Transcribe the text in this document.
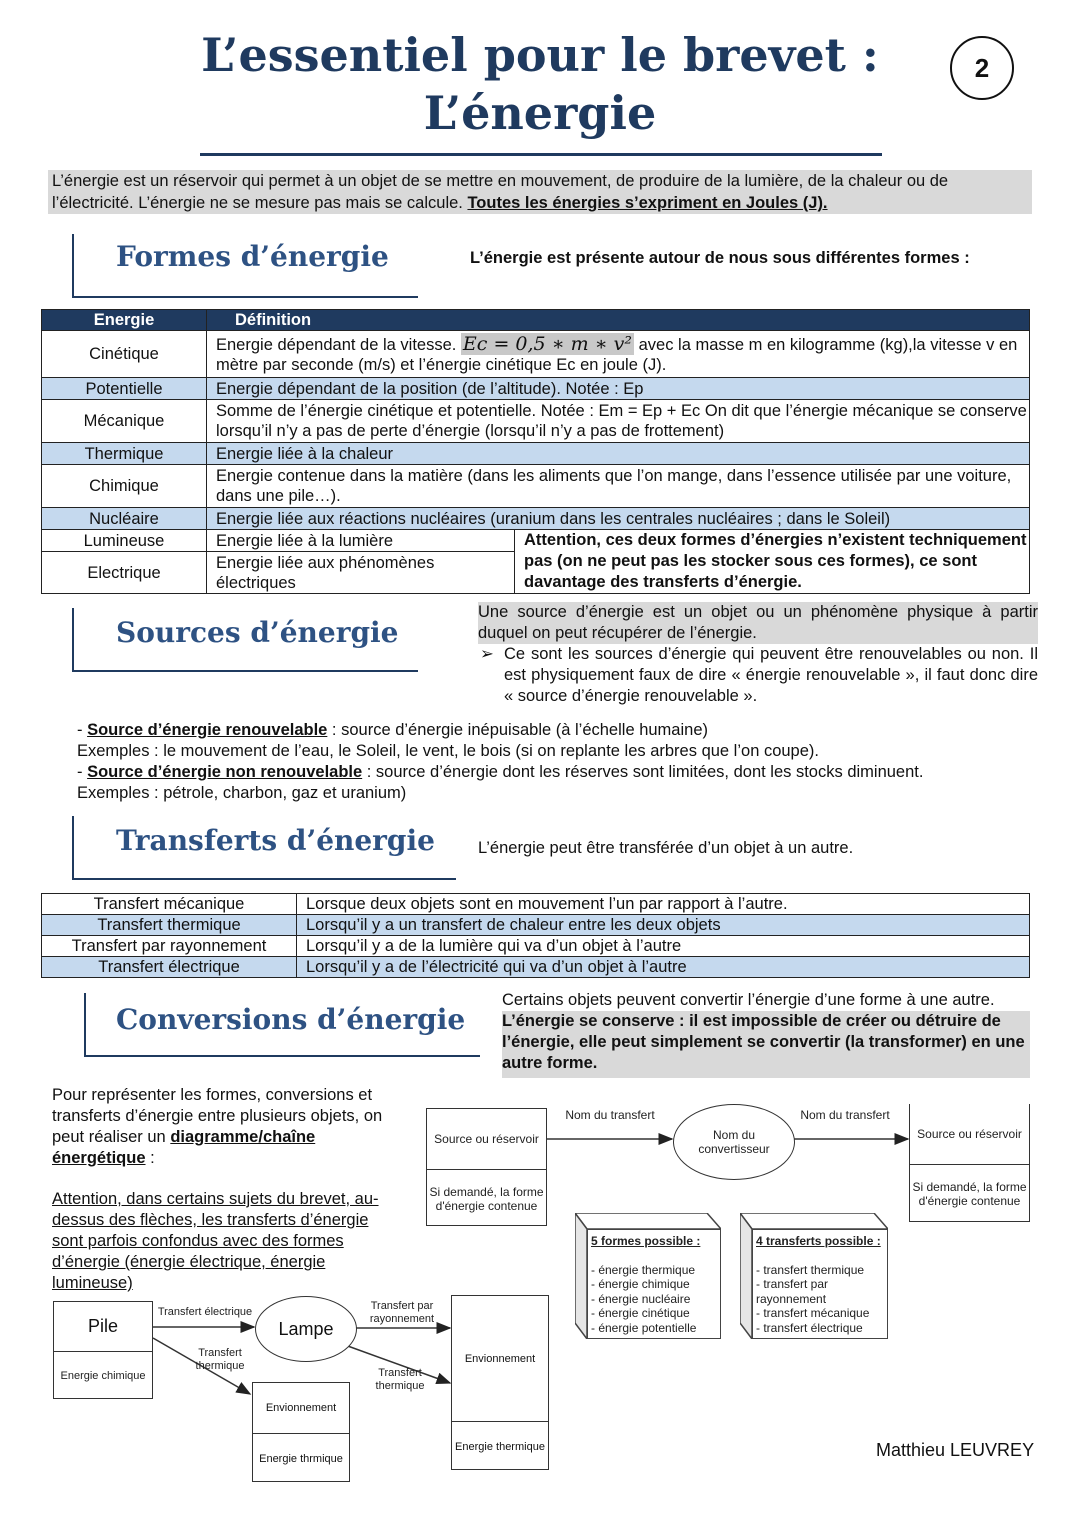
L’essentiel pour le brevet :
L’énergie
2
L’énergie est un réservoir qui permet à un objet de se mettre en mouvement, de produire de la lumière, de la chaleur ou de l’électricité. L’énergie ne se mesure pas mais se calcule. Toutes les énergies s’expriment en Joules (J).
Formes d’énergie	L’énergie est présente autour de nous sous différentes formes :
Energie	Définition	
Cinétique	Energie dépendant de la vitesse. Ec = 0,5 ∗ m ∗ v² avec la masse m en kilogramme (kg),la vitesse v en mètre par seconde (m/s) et l’énergie cinétique Ec en joule (J).	
Potentielle	Energie dépendant de la position (de l’altitude). Notée : Ep	
Mécanique	Somme de l’énergie cinétique et potentielle. Notée : Em = Ep + Ec On dit que l’énergie mécanique se conserve lorsqu’il n’y a pas de perte d’énergie (lorsqu’il n’y a pas de frottement)	
Thermique	Energie liée à la chaleur	
Chimique	Energie contenue dans la matière (dans les aliments que l’on mange, dans l’essence utilisée par une voiture, dans une pile…).	
Nucléaire	Energie liée aux réactions nucléaires (uranium dans les centrales nucléaires ; dans le Soleil)	
Lumineuse	Energie liée à la lumière	Attention, ces deux formes d’énergies n’existent techniquement pas (on ne peut pas les stocker sous ces formes), ce sont davantage des transferts d’énergie.
Electrique	Energie liée aux phénomènes électriques	
Sources d’énergie
Une source d’énergie est un objet ou un phénomène physique à partir duquel on peut récupérer de l’énergie.
➢ Ce sont les sources d’énergie qui peuvent être renouvelables ou non. Il est physiquement faux de dire « énergie renouvelable », il faut donc dire « source d’énergie renouvelable ».
- Source d’énergie renouvelable : source d’énergie inépuisable (à l’échelle humaine)
Exemples : le mouvement de l’eau, le Soleil, le vent, le bois (si on replante les arbres que l’on coupe).
- Source d’énergie non renouvelable : source d’énergie dont les réserves sont limitées, dont les stocks diminuent.
Exemples : pétrole, charbon, gaz et uranium)
Transferts d’énergie	L’énergie peut être transférée d’un objet à un autre.
Transfert mécanique	Lorsque deux objets sont en mouvement l’un par rapport à l’autre.
Transfert thermique	Lorsqu’il y a un transfert de chaleur entre les deux objets
Transfert par rayonnement	Lorsqu’il y a de la lumière qui va d’un objet à l’autre
Transfert électrique	Lorsqu’il y a de l’électricité qui va d’un objet à l’autre
Conversions d’énergie
Certains objets peuvent convertir l’énergie d’une forme à une autre.
L’énergie se conserve : il est impossible de créer ou détruire de l’énergie, elle peut simplement se convertir (la transformer) en une autre forme.
Pour représenter les formes, conversions et transferts d’énergie entre plusieurs objets, on peut réaliser un diagramme/chaîne énergétique :
Attention, dans certains sujets du brevet, au-dessus des flèches, les transferts d’énergie sont parfois confondus avec des formes d’énergie (énergie électrique, énergie lumineuse)
Source ou réservoir
Si demandé, la forme d'énergie contenue
Nom du transfert
Nom du convertisseur
Nom du transfert
Source ou réservoir
Si demandé, la forme d'énergie contenue
5 formes possible :
- énergie thermique
- énergie chimique
- énergie nucléaire
- énergie cinétique
- énergie potentielle
4 transferts possible :
- transfert thermique
- transfert par rayonnement
- transfert mécanique
- transfert électrique
Pile
Energie chimique
Transfert électrique
Lampe
Transfert thermique
Envionnement
Energie thrmique
Transfert par rayonnement
Transfert thermique
Envionnement
Energie thermique	Matthieu LEUVREY
